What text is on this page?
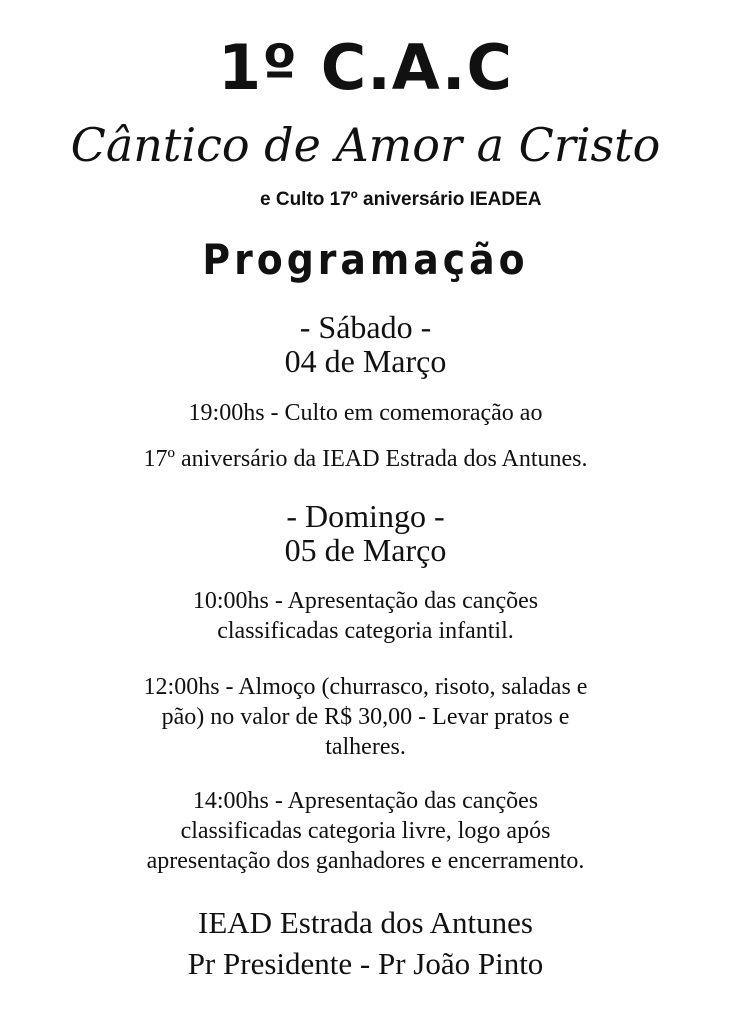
1º C.A.C
Cântico de Amor a Cristo
e Culto 17º aniversário IEADEA
Programação
- Sábado -
04 de Março
19:00hs - Culto em comemoração ao
17º aniversário da IEAD Estrada dos Antunes.
- Domingo -
05 de Março
10:00hs - Apresentação das canções
classificadas categoria infantil.
12:00hs - Almoço (churrasco, risoto, saladas e
pão) no valor de R$ 30,00 - Levar pratos e
talheres.
14:00hs - Apresentação das canções
classificadas categoria livre, logo após
apresentação dos ganhadores e encerramento.
IEAD Estrada dos Antunes
Pr Presidente - Pr João Pinto
